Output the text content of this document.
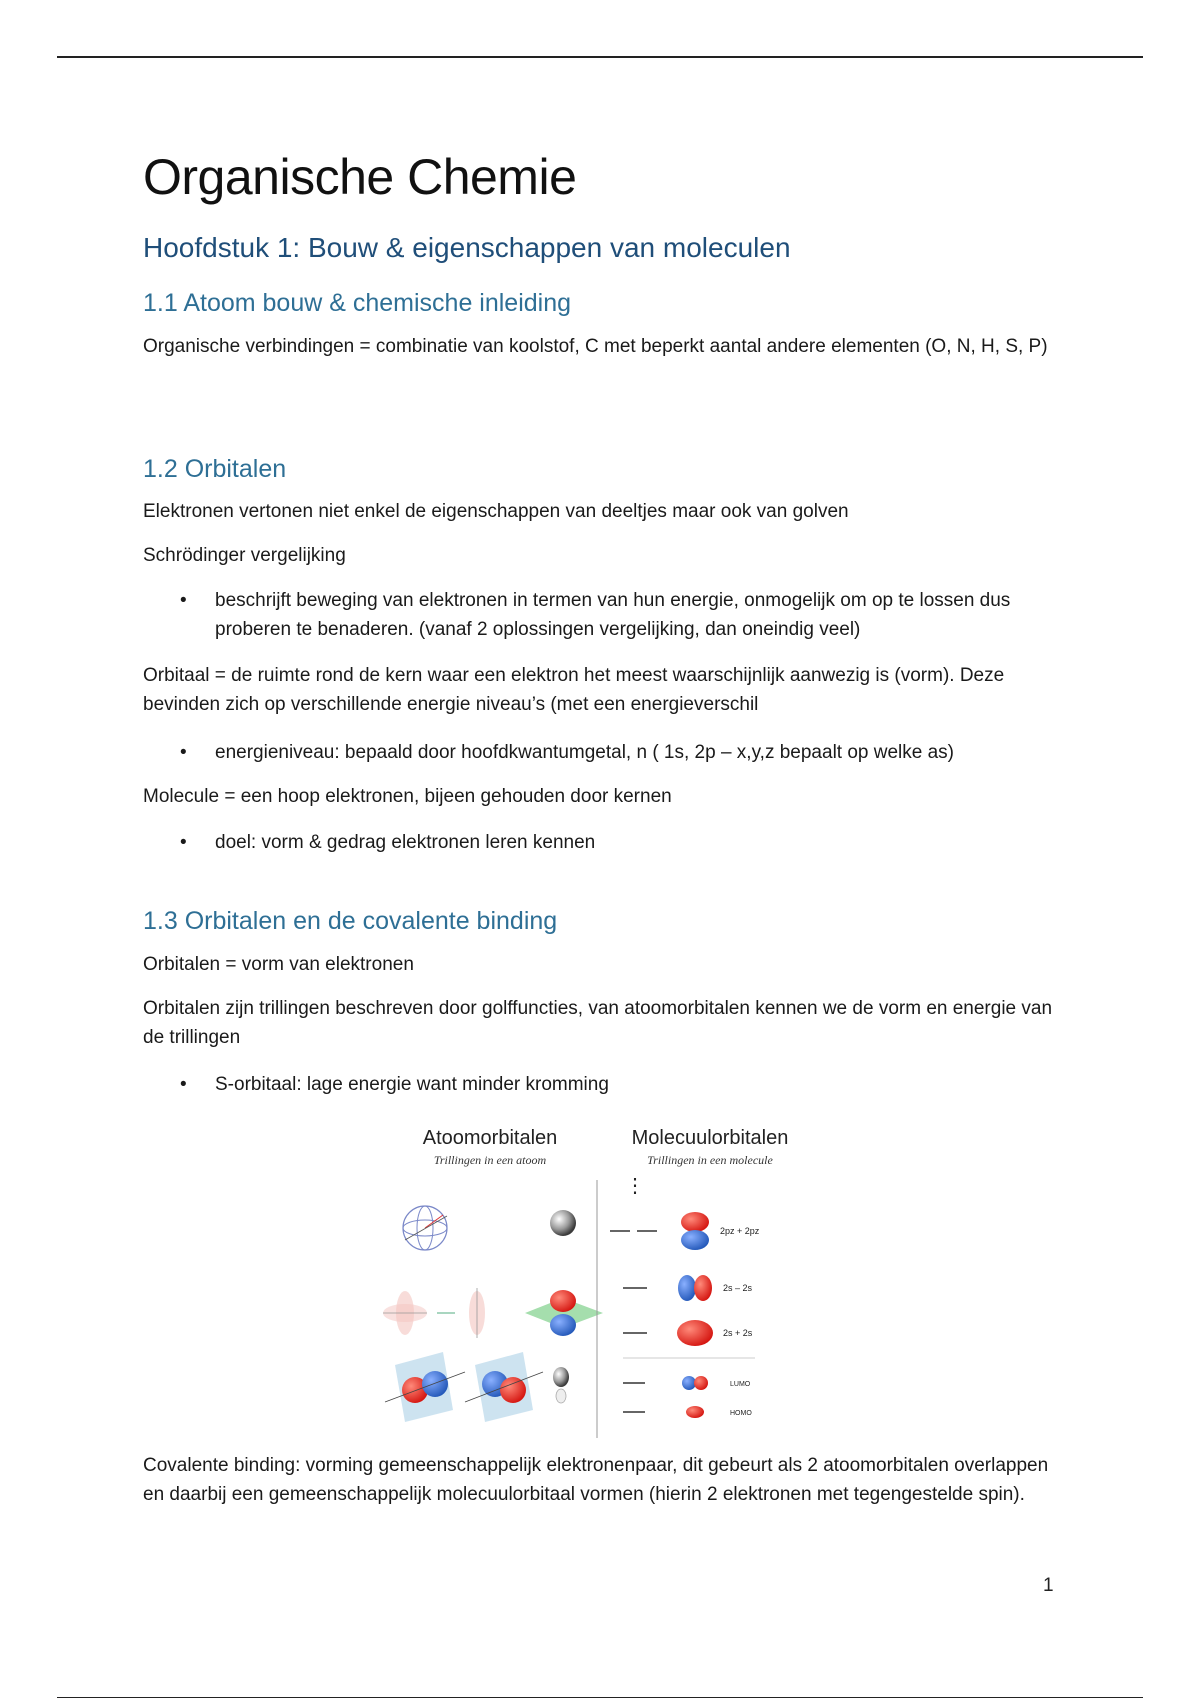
Organische Chemie
Hoofdstuk 1: Bouw & eigenschappen van moleculen
1.1 Atoom bouw & chemische inleiding
Organische verbindingen = combinatie van koolstof, C met beperkt aantal andere elementen (O, N, H, S, P)
1.2 Orbitalen
Elektronen vertonen niet enkel de eigenschappen van deeltjes maar ook van golven
Schrödinger vergelijking
• beschrijft beweging van elektronen in termen van hun energie, onmogelijk om op te lossen dus proberen te benaderen. (vanaf 2 oplossingen vergelijking, dan oneindig veel)
Orbitaal = de ruimte rond de kern waar een elektron het meest waarschijnlijk aanwezig is (vorm). Deze bevinden zich op verschillende energie niveau’s (met een energieverschil
• energieniveau: bepaald door hoofdkwantumgetal, n ( 1s, 2p – x,y,z bepaalt op welke as)
Molecule = een hoop elektronen, bijeen gehouden door kernen
• doel: vorm & gedrag elektronen leren kennen
1.3 Orbitalen en de covalente binding
Orbitalen = vorm van elektronen
Orbitalen zijn trillingen beschreven door golffuncties, van atoomorbitalen kennen we de vorm en energie van de trillingen
• S-orbitaal: lage energie want minder kromming
Covalente binding: vorming gemeenschappelijk elektronenpaar, dit gebeurt als 2 atoomorbitalen overlappen en daarbij een gemeenschappelijk molecuulorbitaal vormen (hierin 2 elektronen met tegengestelde spin).
Atoomorbitalen
Trillingen in een atoom
Molecuulorbitalen
Trillingen in een molecule
⋮
2pz + 2pz
2s – 2s
2s + 2s
LUMO
HOMO
1
